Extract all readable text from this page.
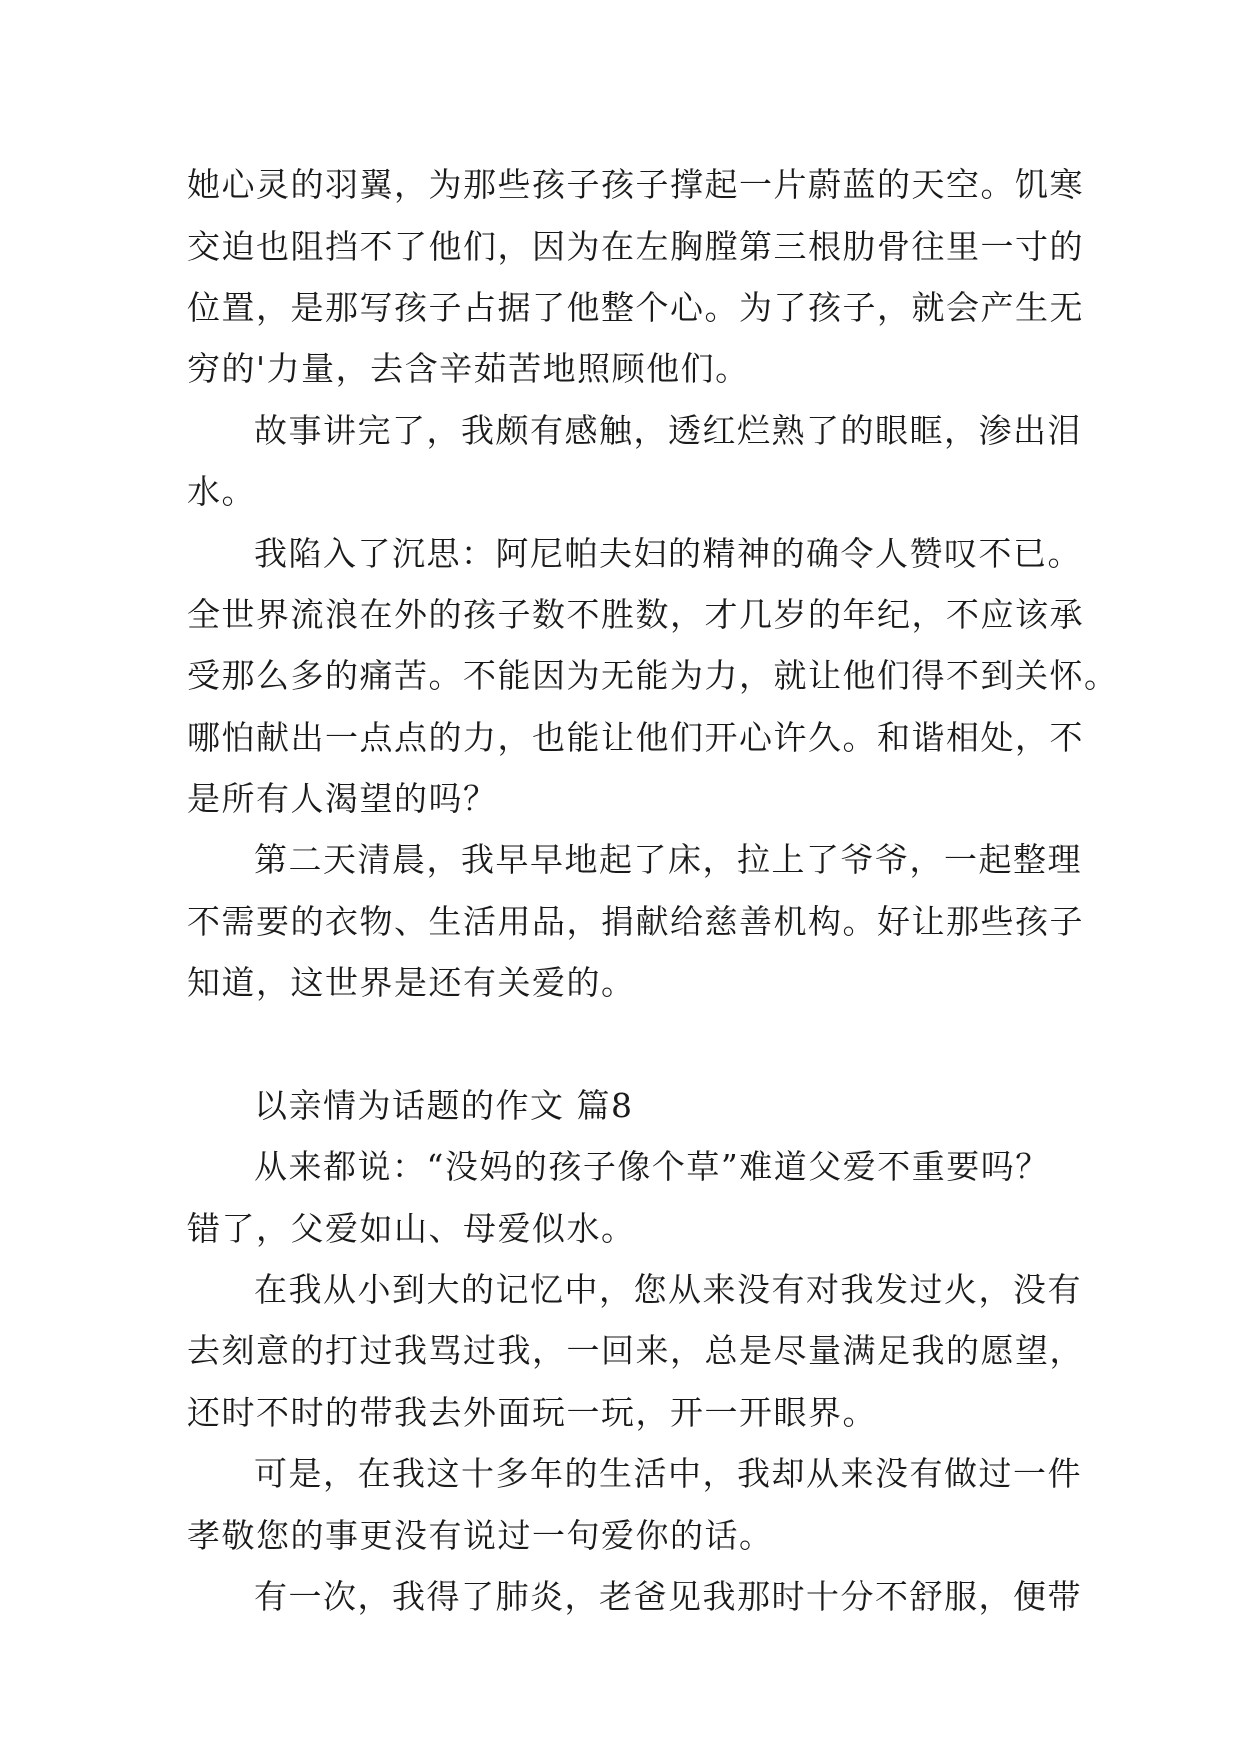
她心灵的羽翼，为那些孩子孩子撑起一片蔚蓝的天空。饥寒
交迫也阻挡不了他们，因为在左胸膛第三根肋骨往里一寸的
位置，是那写孩子占据了他整个心。为了孩子，就会产生无
穷的'力量，去含辛茹苦地照顾他们。
故事讲完了，我颇有感触，透红烂熟了的眼眶，渗出泪
水。
我陷入了沉思：阿尼帕夫妇的精神的确令人赞叹不已。
全世界流浪在外的孩子数不胜数，才几岁的年纪，不应该承
受那么多的痛苦。不能因为无能为力，就让他们得不到关怀。
哪怕献出一点点的力，也能让他们开心许久。和谐相处，不
是所有人渴望的吗？
第二天清晨，我早早地起了床，拉上了爷爷，一起整理
不需要的衣物、生活用品，捐献给慈善机构。好让那些孩子
知道，这世界是还有关爱的。
以亲情为话题的作文 篇8
从来都说：“没妈的孩子像个草”难道父爱不重要吗？
错了，父爱如山、母爱似水。
在我从小到大的记忆中，您从来没有对我发过火，没有
去刻意的打过我骂过我，一回来，总是尽量满足我的愿望，
还时不时的带我去外面玩一玩，开一开眼界。
可是，在我这十多年的生活中，我却从来没有做过一件
孝敬您的事更没有说过一句爱你的话。
有一次，我得了肺炎，老爸见我那时十分不舒服，便带
